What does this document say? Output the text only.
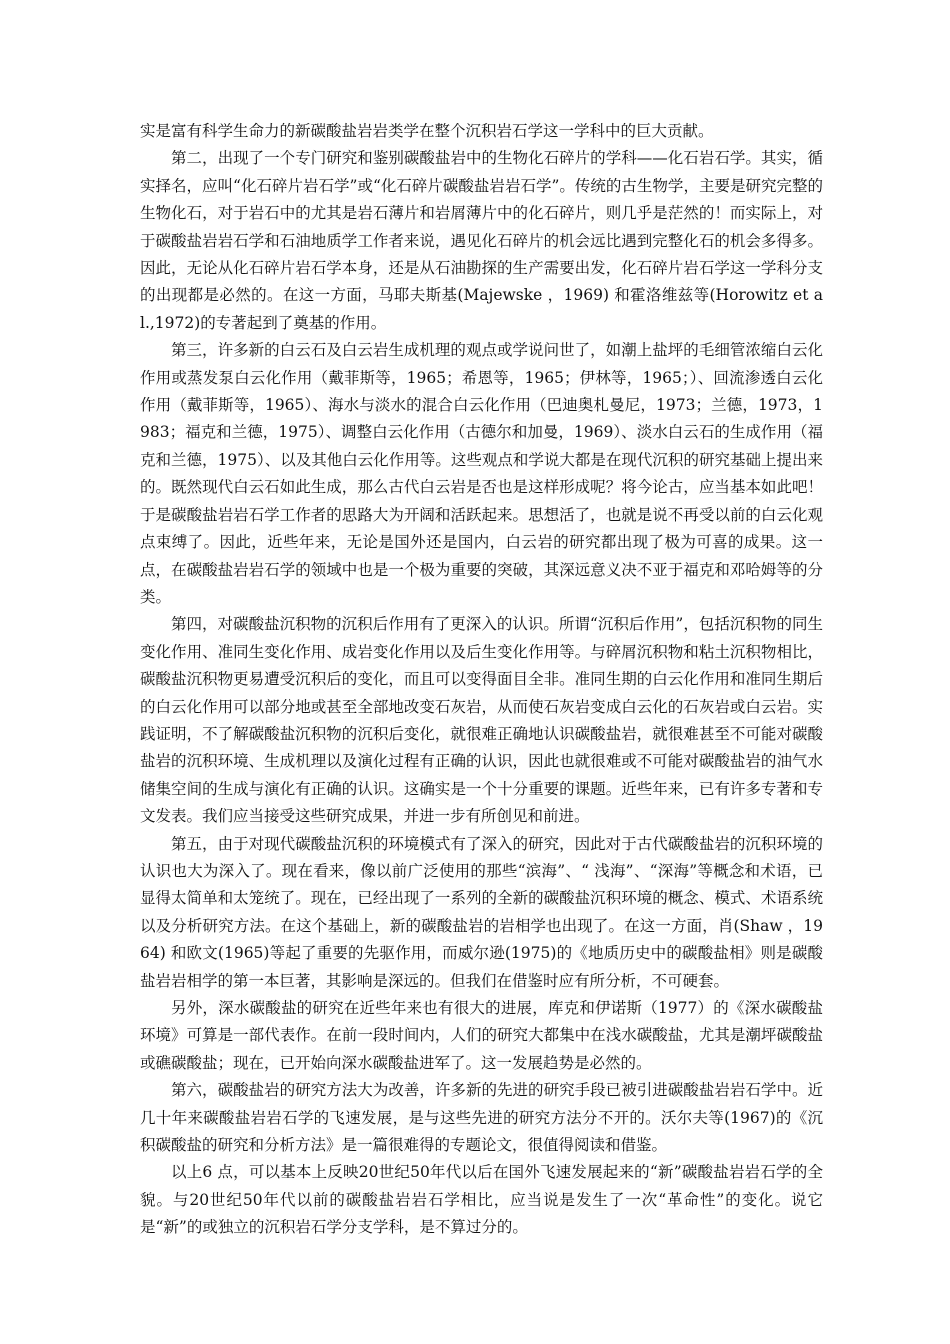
实是富有科学生命力的新碳酸盐岩岩类学在整个沉积岩石学这一学科中的巨大贡献。

第二，出现了一个专门研究和鉴别碳酸盐岩中的生物化石碎片的学科——化石岩石学。其实，循实择名，应叫“化石碎片岩石学”或“化石碎片碳酸盐岩岩石学”。传统的古生物学，主要是研究完整的生物化石，对于岩石中的尤其是岩石薄片和岩屑薄片中的化石碎片，则几乎是茫然的！而实际上，对于碳酸盐岩岩石学和石油地质学工作者来说，遇见化石碎片的机会远比遇到完整化石的机会多得多。因此，无论从化石碎片岩石学本身，还是从石油勘探的生产需要出发，化石碎片岩石学这一学科分支的出现都是必然的。在这一方面，马耶夫斯基(Majewske ，1969) 和霍洛维兹等(Horowitz et al.,1972)的专著起到了奠基的作用。

第三，许多新的白云石及白云岩生成机理的观点或学说问世了，如潮上盐坪的毛细管浓缩白云化作用或蒸发泵白云化作用（戴菲斯等，1965；希恩等，1965；伊林等，1965；）、回流渗透白云化作用（戴菲斯等，1965）、海水与淡水的混合白云化作用（巴迪奥札曼尼，1973；兰德，1973，1983；福克和兰德，1975）、调整白云化作用（古德尔和加曼，1969）、淡水白云石的生成作用（福克和兰德，1975）、以及其他白云化作用等。这些观点和学说大都是在现代沉积的研究基础上提出来的。既然现代白云石如此生成，那么古代白云岩是否也是这样形成呢？将今论古，应当基本如此吧！于是碳酸盐岩岩石学工作者的思路大为开阔和活跃起来。思想活了，也就是说不再受以前的白云化观点束缚了。因此，近些年来，无论是国外还是国内，白云岩的研究都出现了极为可喜的成果。这一点，在碳酸盐岩岩石学的领域中也是一个极为重要的突破，其深远意义决不亚于福克和邓哈姆等的分类。

第四，对碳酸盐沉积物的沉积后作用有了更深入的认识。所谓“沉积后作用”，包括沉积物的同生变化作用、准同生变化作用、成岩变化作用以及后生变化作用等。与碎屑沉积物和粘土沉积物相比，碳酸盐沉积物更易遭受沉积后的变化，而且可以变得面目全非。准同生期的白云化作用和准同生期后的白云化作用可以部分地或甚至全部地改变石灰岩，从而使石灰岩变成白云化的石灰岩或白云岩。实践证明，不了解碳酸盐沉积物的沉积后变化，就很难正确地认识碳酸盐岩，就很难甚至不可能对碳酸盐岩的沉积环境、生成机理以及演化过程有正确的认识，因此也就很难或不可能对碳酸盐岩的油气水储集空间的生成与演化有正确的认识。这确实是一个十分重要的课题。近些年来，已有许多专著和专文发表。我们应当接受这些研究成果，并进一步有所创见和前进。

第五，由于对现代碳酸盐沉积的环境模式有了深入的研究，因此对于古代碳酸盐岩的沉积环境的认识也大为深入了。现在看来，像以前广泛使用的那些“滨海”、“ 浅海”、“深海”等概念和术语，已显得太简单和太笼统了。现在，已经出现了一系列的全新的碳酸盐沉积环境的概念、模式、术语系统以及分析研究方法。在这个基础上，新的碳酸盐岩的岩相学也出现了。在这一方面，肖(Shaw ，1964) 和欧文(1965)等起了重要的先驱作用，而威尔逊(1975)的《地质历史中的碳酸盐相》则是碳酸盐岩岩相学的第一本巨著，其影响是深远的。但我们在借鉴时应有所分析，不可硬套。

另外，深水碳酸盐的研究在近些年来也有很大的进展，库克和伊诺斯（1977）的《深水碳酸盐环境》可算是一部代表作。在前一段时间内，人们的研究大都集中在浅水碳酸盐，尤其是潮坪碳酸盐或礁碳酸盐；现在，已开始向深水碳酸盐进军了。这一发展趋势是必然的。

第六，碳酸盐岩的研究方法大为改善，许多新的先进的研究手段已被引进碳酸盐岩岩石学中。近几十年来碳酸盐岩岩石学的飞速发展，是与这些先进的研究方法分不开的。沃尔夫等(1967)的《沉积碳酸盐的研究和分析方法》是一篇很难得的专题论文，很值得阅读和借鉴。

以上6 点，可以基本上反映20世纪50年代以后在国外飞速发展起来的“新”碳酸盐岩岩石学的全貌。与20世纪50年代以前的碳酸盐岩岩石学相比，应当说是发生了一次“革命性”的变化。说它是“新”的或独立的沉积岩石学分支学科，是不算过分的。
